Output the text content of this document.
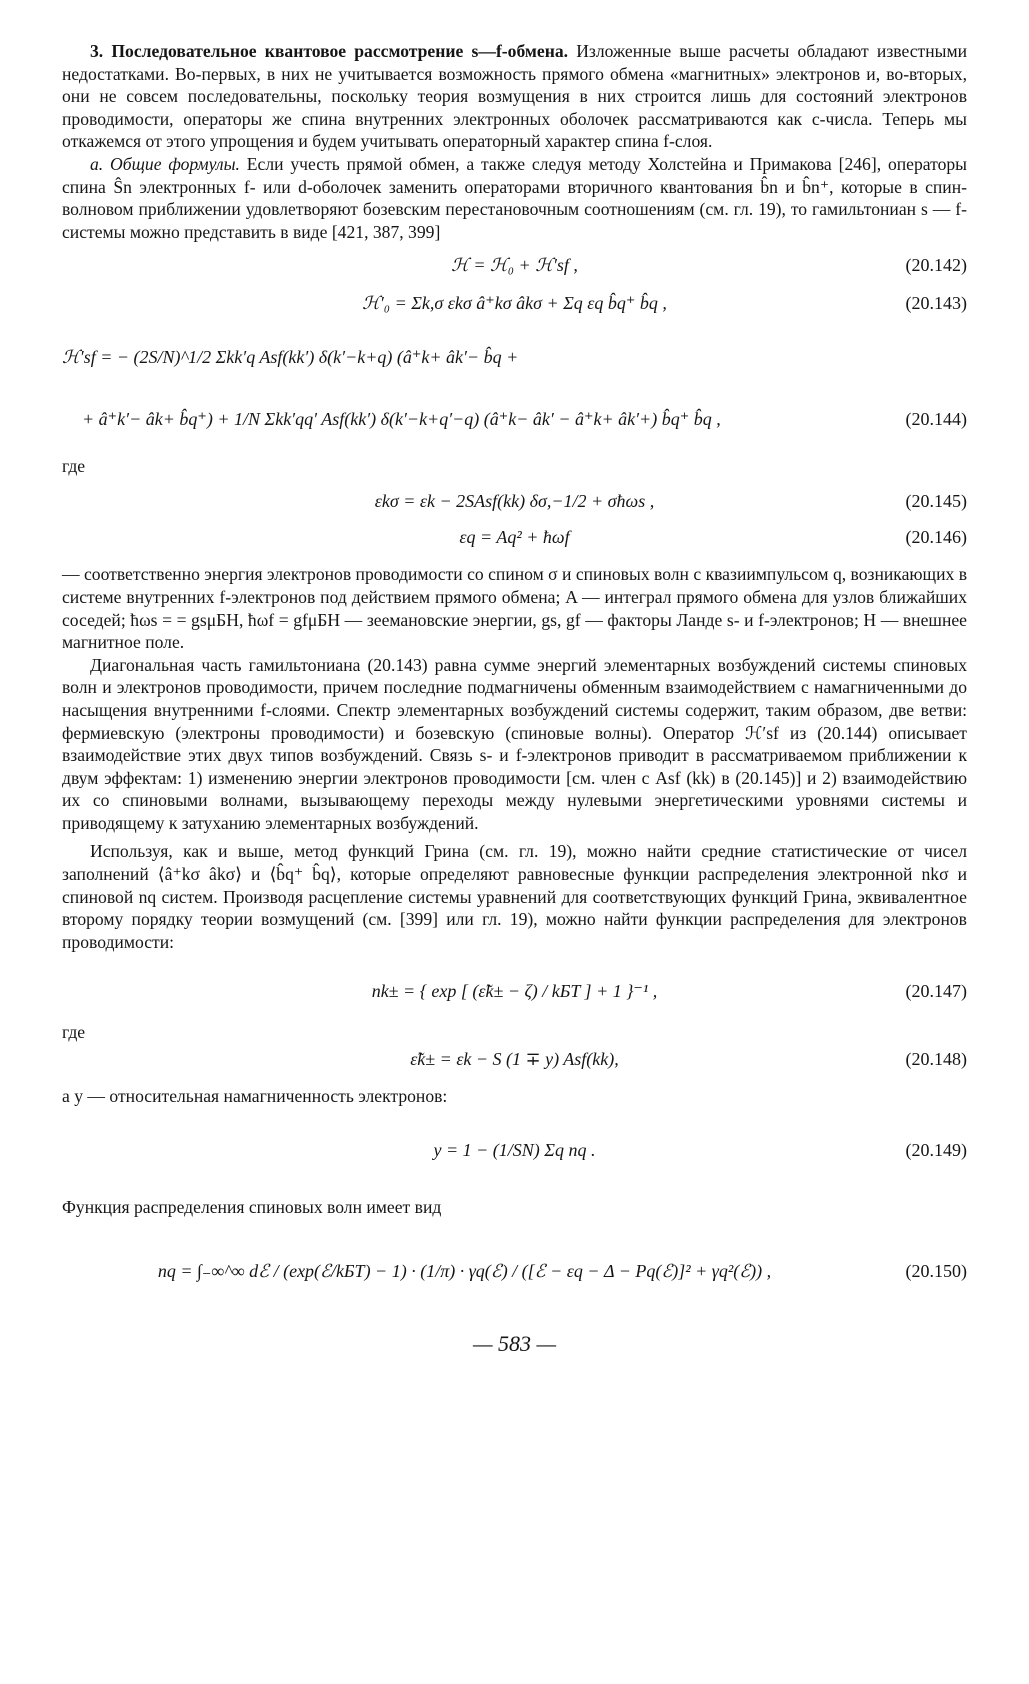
3. Последовательное квантовое рассмотрение s—f-обмена. Изложенные выше расчеты обладают известными недостатками. Во-первых, в них не учитывается возможность прямого обмена «магнитных» электронов и, во-вторых, они не совсем последовательны, поскольку теория возмущения в них строится лишь для состояний электронов проводимости, операторы же спина внутренних электронных оболочек рассматриваются как с-числа. Теперь мы откажемся от этого упрощения и будем учитывать операторный характер спина f-слоя.

а. Общие формулы. Если учесть прямой обмен, а также следуя методу Холстейна и Примакова [246], операторы спина Ŝn электронных f- или d-оболочек заменить операторами вторичного квантования b̂n и b̂n⁺, которые в спин-волновом приближении удовлетворяют бозевским перестановочным соотношениям (см. гл. 19), то гамильтониан s — f-системы можно представить в виде [421, 387, 399]

ℋ = ℋ₀ + ℋ′sf ,	(20.142)
ℋ′₀ = Σk,σ εkσ â⁺kσ âkσ + Σq εq b̂q⁺ b̂q ,	(20.143)
ℋ′sf = − (2S/N)^1/2 Σkk′q Asf(kk′) δ(k′−k+q) (â⁺k+ âk′− b̂q +
+ â⁺k′− âk+ b̂q⁺) + 1/N Σkk′qq′ Asf(kk′) δ(k′−k+q′−q) (â⁺k− âk′ − â⁺k+ âk′+) b̂q⁺ b̂q ,	(20.144)
где
εkσ = εk − 2SAsf(kk) δσ,−1/2 + σħωs ,	(20.145)
εq = Aq² + ħωf	(20.146)

— соответственно энергия электронов проводимости со спином σ и спиновых волн с квазиимпульсом q, возникающих в системе внутренних f-электронов под действием прямого обмена; A — интеграл прямого обмена для узлов ближайших соседей; ħωs = = gsμБH, ħωf = gfμБH — зеемановские энергии, gs, gf — факторы Ланде s- и f-электронов; H — внешнее магнитное поле.

Диагональная часть гамильтониана (20.143) равна сумме энергий элементарных возбуждений системы спиновых волн и электронов проводимости, причем последние подмагничены обменным взаимодействием с намагниченными до насыщения внутренними f-слоями. Спектр элементарных возбуждений системы содержит, таким образом, две ветви: фермиевскую (электроны проводимости) и бозевскую (спиновые волны). Оператор ℋ′sf из (20.144) описывает взаимодействие этих двух типов возбуждений. Связь s- и f-электронов приводит в рассматриваемом приближении к двум эффектам: 1) изменению энергии электронов проводимости [см. член с Asf (kk) в (20.145)] и 2) взаимодействию их со спиновыми волнами, вызывающему переходы между нулевыми энергетическими уровнями системы и приводящему к затуханию элементарных возбуждений.

Используя, как и выше, метод функций Грина (см. гл. 19), можно найти средние статистические от чисел заполнений ⟨â⁺kσ âkσ⟩ и ⟨b̂q⁺ b̂q⟩, которые определяют равновесные функции распределения электронной nkσ и спиновой nq систем. Производя расцепление системы уравнений для соответствующих функций Грина, эквивалентное второму порядку теории возмущений (см. [399] или гл. 19), можно найти функции распределения для электронов проводимости:

nk± = { exp [ (ε̃k± − ζ) / kБT ] + 1 }⁻¹ ,	(20.147)
где
ε̃k± = εk − S (1 ∓ y) Asf(kk),	(20.148)

а y — относительная намагниченность электронов:

y = 1 − (1/SN) Σq nq .	(20.149)

Функция распределения спиновых волн имеет вид

nq = ∫₋∞^∞ dℰ / (exp(ℰ/kБT) − 1) · (1/π) · γq(ℰ) / ([ℰ − εq − Δ − Pq(ℰ)]² + γq²(ℰ)) ,	(20.150)
— 583 —
